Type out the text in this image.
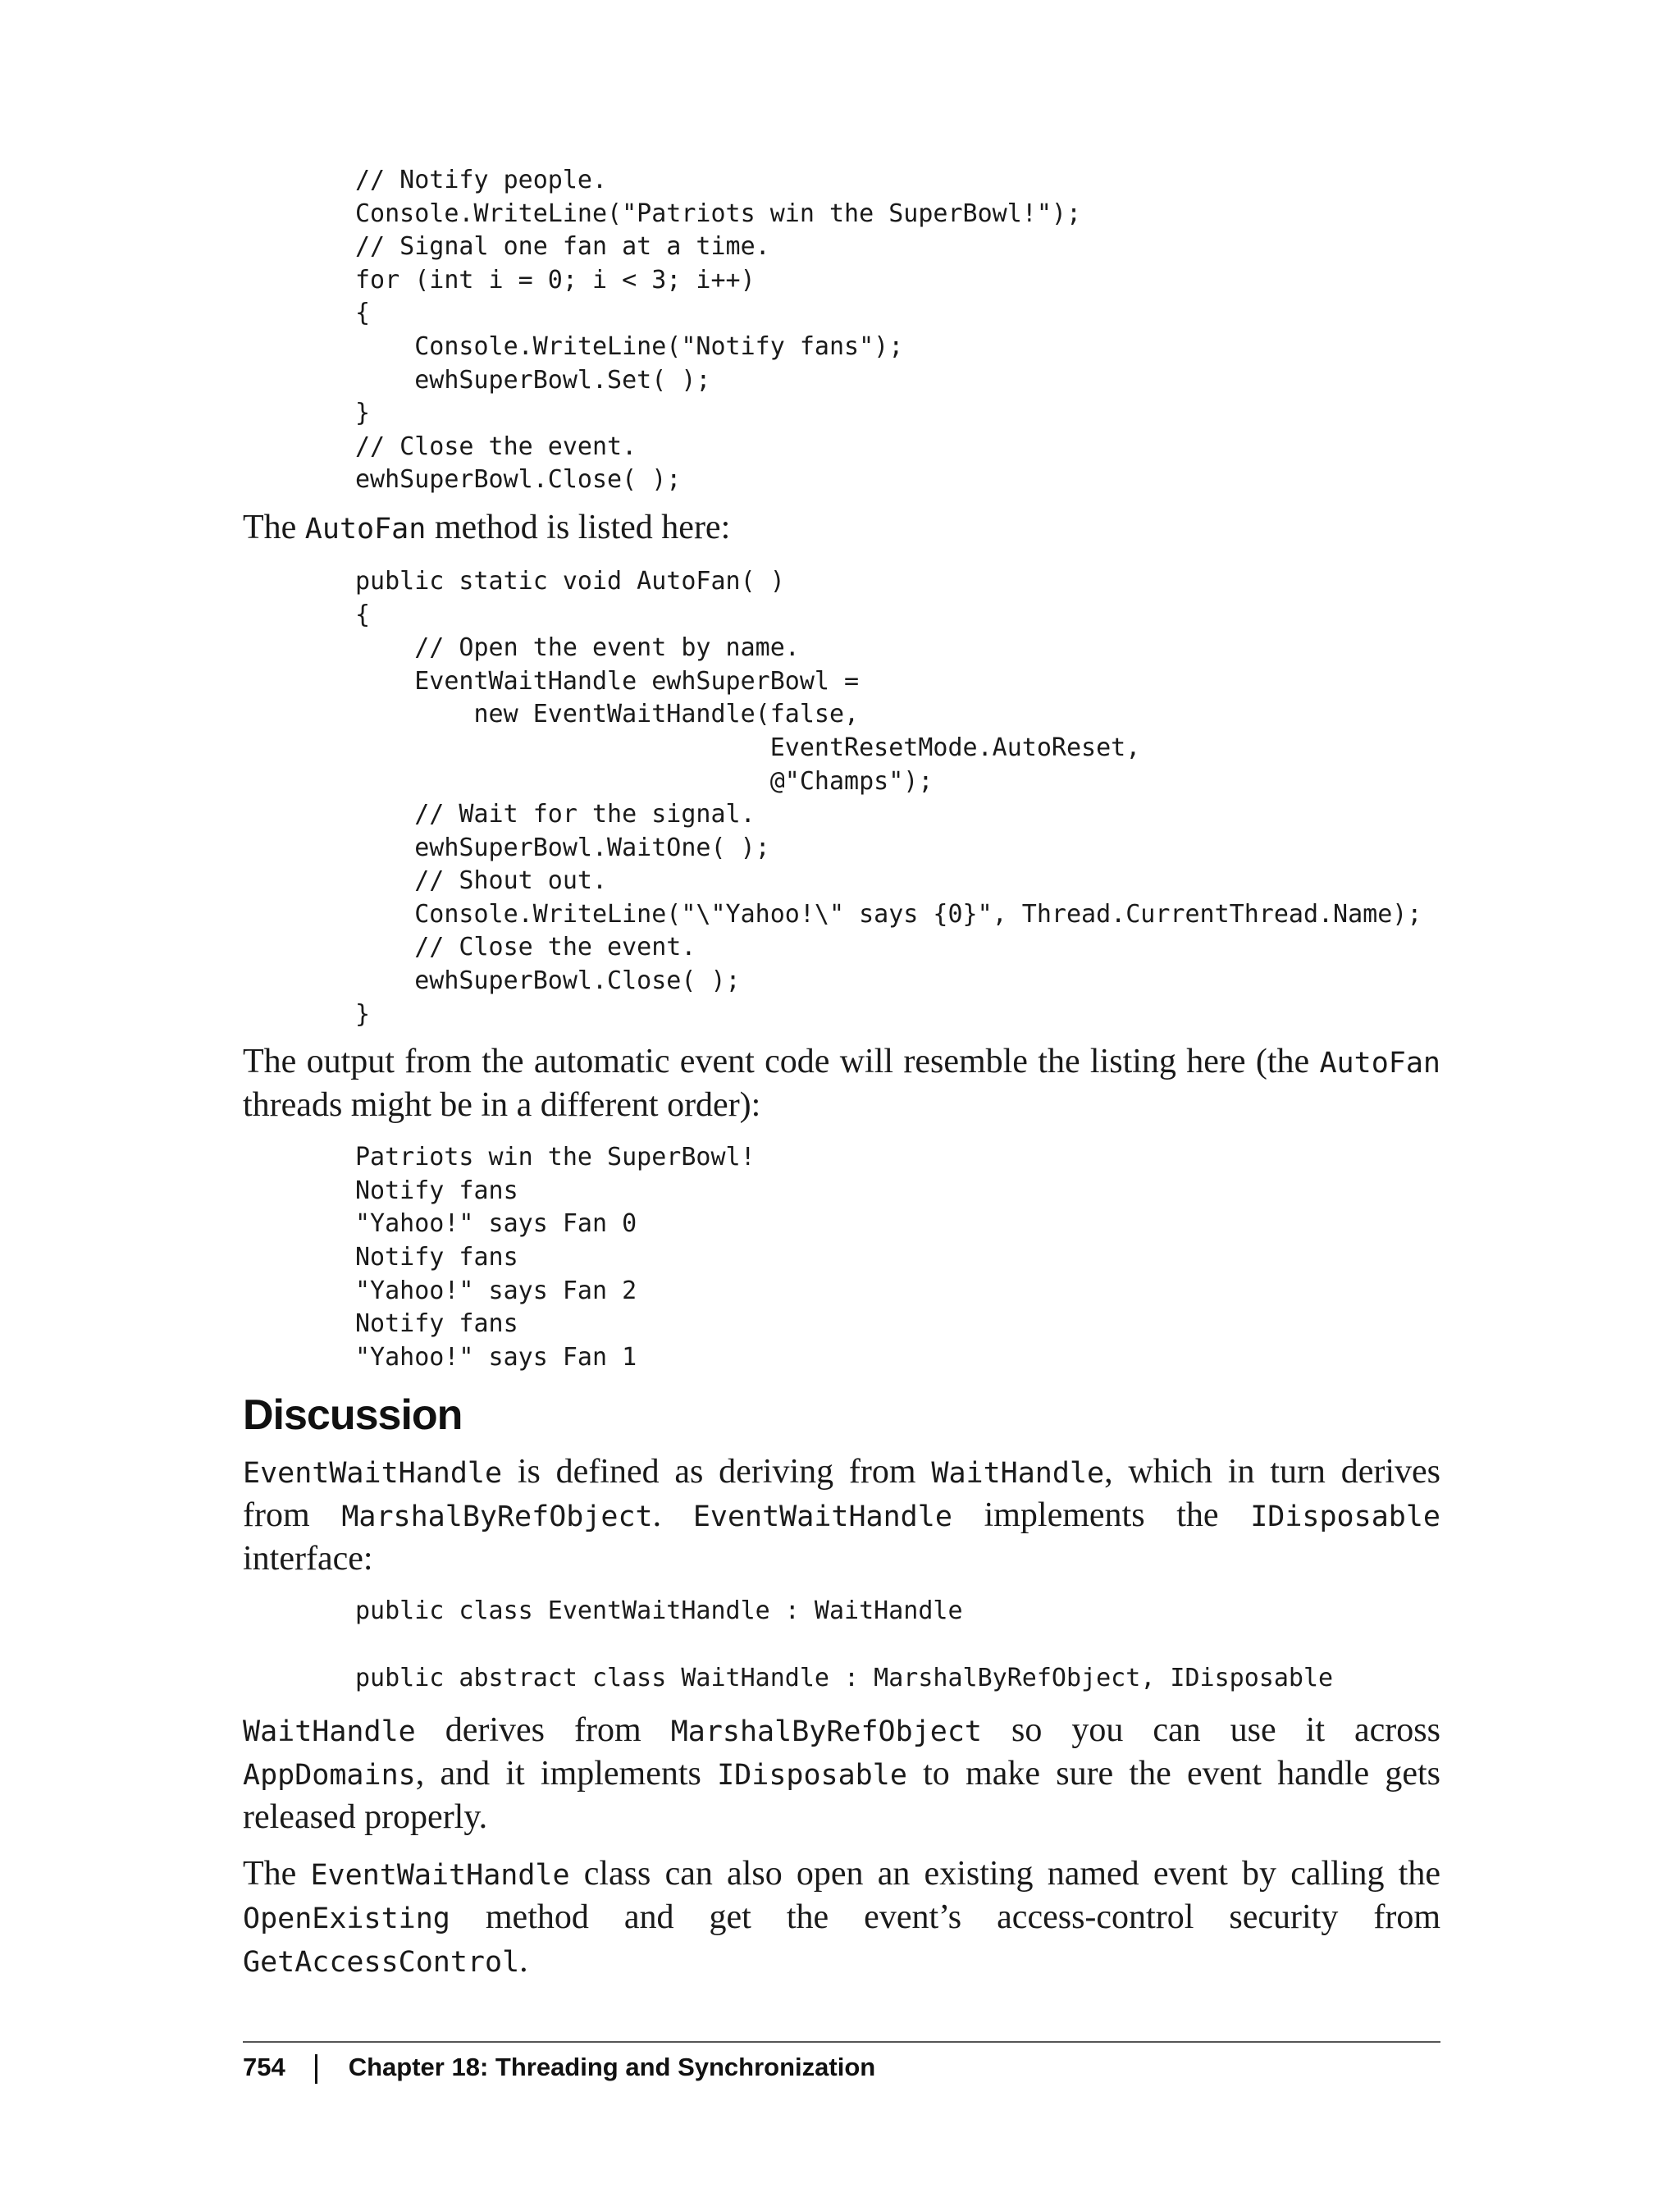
// Notify people.
Console.WriteLine("Patriots win the SuperBowl!");
// Signal one fan at a time.
for (int i = 0; i < 3; i++)
{
Console.WriteLine("Notify fans");
ewhSuperBowl.Set( );
}
// Close the event.
ewhSuperBowl.Close( );

The AutoFan method is listed here:

public static void AutoFan( )
{
// Open the event by name.
EventWaitHandle ewhSuperBowl =
new EventWaitHandle(false,
EventResetMode.AutoReset,
@"Champs");
// Wait for the signal.
ewhSuperBowl.WaitOne( );
// Shout out.
Console.WriteLine("\"Yahoo!\" says {0}", Thread.CurrentThread.Name);
// Close the event.
ewhSuperBowl.Close( );
}

The output from the automatic event code will resemble the listing here (the AutoFan threads might be in a different order):

Patriots win the SuperBowl!
Notify fans
"Yahoo!" says Fan 0
Notify fans
"Yahoo!" says Fan 2
Notify fans
"Yahoo!" says Fan 1
Discussion

EventWaitHandle is defined as deriving from WaitHandle, which in turn derives from MarshalByRefObject. EventWaitHandle implements the IDisposable interface:

public class EventWaitHandle : WaitHandle

public abstract class WaitHandle : MarshalByRefObject, IDisposable

WaitHandle derives from MarshalByRefObject so you can use it across AppDomains, and it implements IDisposable to make sure the event handle gets released properly.

The EventWaitHandle class can also open an existing named event by calling the OpenExisting method and get the event’s access-control security from GetAccessControl.

754 Chapter 18: Threading and Synchronization
